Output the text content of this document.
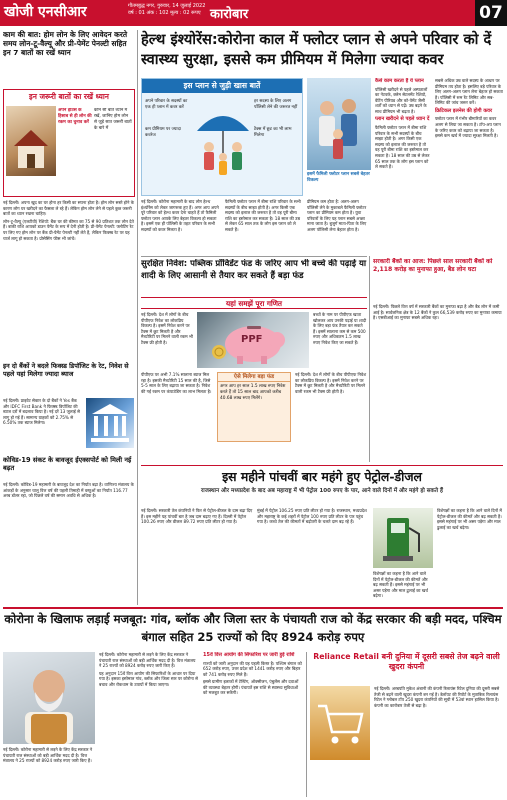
खोजी एनसीआर	गौतमबुद्ध नगर, गुरुवार, 14 जुलाई 2022
वर्ष : 01 अंक : 102 मूल्य : 02 रूपए कारोबार	07
काम की बात: होम लोन के लिए आवेदन करते समय लोन-टू-वैल्यू और प्री-पेमेंट पेनल्टी सहित इन 7 बातों का रखें ध्यान
इन जरूरी बातों का रखें ध्यान
अपने हाउस के हिसाब से ही लोन की रकम का चुनाव करें
कौन सी बातें ध्यान में रखें, जानिए होम लोन से जुड़े सात जरूरी बातों के बारे में
नई दिल्ली। अपना खुद का घर होना हर किसी का सपना होता है। होम लोन सस्ते होने के कारण लोग घर खरीदने का फैसला ले रहे हैं। लेकिन होम लोन लेने से पहले कुछ जरूरी बातों का ध्यान रखना चाहिए।
लोन-टू-वैल्यू (एलटीवी) रेशियो: बैंक घर की कीमत का 75 से 90 प्रतिशत तक लोन देते हैं। बाकी राशि आपको डाउन पेमेंट के रूप में देनी होती है। प्री-पेमेंट पेनल्टी: फ्लोटिंग रेट पर लिए गए होम लोन पर बैंक प्री-पेमेंट पेनल्टी नहीं लेते हैं, लेकिन फिक्स्ड रेट पर यह चार्ज लागू हो सकता है। प्रोसेसिंग फीस भी जांचें।
इन दो बैंकों ने बदले फिक्स्ड डिपॉजिट के रेट, निवेश से पहले यहां मिलेगा ज्यादा ब्याज
नई दिल्ली। प्राइवेट सेक्टर के दो बैंकों ने Yes बैंक और IDFC First Bank ने फिक्स्ड डिपॉजिट की ब्याज दरों में बदलाव किया है। नई दरें 13 जुलाई से लागू हो गई हैं। सामान्य ग्राहकों को 2.75% से 6.50% तक ब्याज मिलेगा।
कोविड-19 संकट के बावजूद ईएक्सपोर्ट को मिली नई बढ़त
नई दिल्ली। कोविड-19 महामारी के बावजूद देश का निर्यात बढ़ा है। वाणिज्य मंत्रालय के आंकड़ों के अनुसार चालू वित्त वर्ष की पहली तिमाही में वस्तुओं का निर्यात 116.77 अरब डॉलर रहा, जो पिछले वर्ष की समान अवधि से अधिक है।
हेल्थ इंश्योरेंस:कोरोना काल में फ्लोटर प्लान से अपने परिवार को दें स्वास्थ्य सुरक्षा, इससे कम प्रीमियम में मिलेगा ज्यादा कवर
इस प्लान से जुड़ी खास बातें
अपने परिवार के सदस्यों का एक ही प्लान में कवर करें
कम प्रीमियम पर ज्यादा कवरेज
हर सदस्य के लिए अलग पॉलिसी लेने की जरूरत नहीं
टैक्स में छूट का भी लाभ मिलेगा
नई दिल्ली। कोरोना महामारी के बाद लोग हेल्थ इंश्योरेंस को लेकर जागरूक हुए हैं। अगर आप अपने पूरे परिवार को हेल्थ कवर देना चाहते हैं तो फैमिली फ्लोटर प्लान आपके लिए बेहतर विकल्प हो सकता है। इसमें एक ही पॉलिसी के तहत परिवार के सभी सदस्यों को कवर मिलता है।
फैमिली फ्लोटर प्लान में बीमा राशि परिवार के सभी सदस्यों के बीच साझा होती है। अगर किसी एक सदस्य को इलाज की जरूरत है तो वह पूरी बीमा राशि का इस्तेमाल कर सकता है। 18 साल की उम्र से लेकर 65 साल तक के लोग इस प्लान को ले सकते हैं।
इसमें फैमिली फ्लोटर प्लान सबसे बेहतर विकल्प
प्रीमियम कम होता है: अलग-अलग पॉलिसी लेने के मुकाबले फैमिली फ्लोटर प्लान का प्रीमियम कम होता है। युवा परिवारों के लिए यह प्लान सबसे अच्छा माना जाता है। बुजुर्ग माता-पिता के लिए अलग पॉलिसी लेना बेहतर होता है।
कैसे काम करता है ये प्लान
पॉलिसी खरीदने से पहले अस्पतालों का नेटवर्क, क्लेम सेटलमेंट रेशियो, वेटिंग पीरियड और को-पेमेंट जैसी शर्तों को ध्यान से पढ़ें। उम्र बढ़ने के साथ प्रीमियम भी बढ़ता है।
प्लान खरीदने से पहले ध्यान दें
फैमिली फ्लोटर प्लान में बीमा राशि परिवार के सभी सदस्यों के बीच साझा होती है। अगर किसी एक सदस्य को इलाज की जरूरत है तो वह पूरी बीमा राशि का इस्तेमाल कर सकता है। 18 साल की उम्र से लेकर 65 साल तक के लोग इस प्लान को ले सकते हैं।
सबसे अधिक उम्र वाले सदस्य के आधार पर प्रीमियम तय होता है। इसलिए बड़े परिवार के लिए अलग-अलग प्लान लेना बेहतर हो सकता है। पॉलिसी में रूम रेंट लिमिट और सब-लिमिट की जांच जरूर करें।
क्रिटिकल इलनेस की होगी कवर
फ्लोटर प्लान में गंभीर बीमारियों का कवर अलग से लिया जा सकता है। टॉप-अप प्लान के जरिए कवर को बढ़ाया जा सकता है। इससे कम खर्च में ज्यादा सुरक्षा मिलती है।
सुरक्षित निवेश: पब्लिक प्रॉविडेंट फंड के जरिए आप भी बच्चे की पढ़ाई या शादी के लिए आसानी से तैयार कर सकते हैं बड़ा फंड
यहां समझें पूरा गणित
नई दिल्ली। देश में लोगों के बीच पीपीएफ निवेश का लोकप्रिय विकल्प है। इसमें निवेश करने पर टैक्स में छूट मिलती है और मैच्योरिटी पर मिलने वाली रकम भी टैक्स फ्री होती है।	PPF
बच्चों के नाम पर पीपीएफ खाता खोलकर आप उनकी पढ़ाई या शादी के लिए बड़ा फंड तैयार कर सकते हैं। इसमें सालाना कम से कम 500 रुपए और अधिकतम 1.5 लाख रुपए निवेश किए जा सकते हैं।
पीपीएफ पर अभी 7.1% सालाना ब्याज मिल रहा है। इसकी मैच्योरिटी 15 साल की है, जिसे 5-5 साल के लिए बढ़ाया जा सकता है। निवेश की गई रकम पर कंपाउंडिंग का लाभ मिलता है।
ऐसे मिलेगा बड़ा फंड
अगर आप हर साल 1.5 लाख रुपए निवेश करते हैं तो 15 साल बाद आपको करीब 40.68 लाख रुपए मिलेंगे।
नई दिल्ली। देश में लोगों के बीच पीपीएफ निवेश का लोकप्रिय विकल्प है। इसमें निवेश करने पर टैक्स में छूट मिलती है और मैच्योरिटी पर मिलने वाली रकम भी टैक्स फ्री होती है।
सरकारी बैंकों का आज: पिछले साल सरकारी बैंकों को 2,118 करोड़ का मुनाफा हुआ, बैड लोन घटा
नई दिल्ली। पिछले वित्त वर्ष में सरकारी बैंकों का मुनाफा बढ़ा है और बैड लोन में कमी आई है। सार्वजनिक क्षेत्र के 12 बैंकों ने कुल 66,539 करोड़ रुपए का मुनाफा कमाया है। एसबीआई का मुनाफा सबसे अधिक रहा।
इस महीने पांचवीं बार महंगे हुए पेट्रोल-डीजल
राजस्थान और मध्यप्रदेश के बाद अब महाराष्ट्र में भी पेट्रोल 100 रुपए के पार, आने वाले दिनों में और महंगे हो सकते हैं
नई दिल्ली। सरकारी तेल कंपनियों ने फिर से पेट्रोल-डीजल के दाम बढ़ा दिए हैं। इस महीने यह पांचवीं बार है जब दाम बढ़ाए गए हैं। दिल्ली में पेट्रोल 100.26 रुपए और डीजल 89.72 रुपए प्रति लीटर हो गया है।
मुंबई में पेट्रोल 106.25 रुपए प्रति लीटर हो गया है। राजस्थान, मध्यप्रदेश और महाराष्ट्र के कई शहरों में पेट्रोल 100 रुपए प्रति लीटर के पार पहुंच गया है। कच्चे तेल की कीमतों में बढ़ोतरी के चलते दाम बढ़ रहे हैं।
विशेषज्ञों का कहना है कि आने वाले दिनों में पेट्रोल-डीजल की कीमतें और बढ़ सकती हैं। इससे महंगाई पर भी असर पड़ेगा और माल ढुलाई का खर्च बढ़ेगा।
विशेषज्ञों का कहना है कि आने वाले दिनों में पेट्रोल-डीजल की कीमतें और बढ़ सकती हैं। इससे महंगाई पर भी असर पड़ेगा और माल ढुलाई का खर्च बढ़ेगा।
कोरोना के खिलाफ लड़ाई मजबूत: गांव, ब्लॉक और जिला स्तर के पंचायती राज को केंद्र सरकार की बड़ी मदद, पश्चिम बंगाल सहित 25 राज्यों को दिए 8924 करोड़ रुपए
नई दिल्ली। कोरोना महामारी से लड़ने के लिए केंद्र सरकार ने पंचायती राज संस्थाओं को बड़ी आर्थिक मदद दी है। वित्त मंत्रालय ने 25 राज्यों को 8924 करोड़ रुपए जारी किए हैं।
नई दिल्ली। कोरोना महामारी से लड़ने के लिए केंद्र सरकार ने पंचायती राज संस्थाओं को बड़ी आर्थिक मदद दी है। वित्त मंत्रालय ने 25 राज्यों को 8924 करोड़ रुपए जारी किए हैं।
यह अनुदान 15वें वित्त आयोग की सिफारिशों के आधार पर दिया गया है। इसका इस्तेमाल गांव, ब्लॉक और जिला स्तर पर कोरोना से बचाव और रोकथाम के उपायों में किया जाएगा।
15वें वित्त आयोग की सिफारिश पर जारी हुई राशि
राज्यों को जारी अनुदान की यह पहली किस्त है। पश्चिम बंगाल को 652 करोड़ रुपए, उत्तर प्रदेश को 1441 करोड़ रुपए और बिहार को 741 करोड़ रुपए मिले हैं।
इससे ग्रामीण इलाकों में टेस्टिंग, ऑक्सीजन, एंबुलेंस और दवाओं की व्यवस्था बेहतर होगी। पंचायतें इस राशि से स्वास्थ्य सुविधाओं को मजबूत कर सकेंगी।
Reliance Retail बनी दुनिया में दूसरी सबसे तेज बढ़ने वाली खुदरा कंपनी
नई दिल्ली। अरबपति मुकेश अंबानी की कंपनी रिलायंस रिटेल दुनिया की दूसरी सबसे तेजी से बढ़ने वाली खुदरा कंपनी बन गई है। डेलॉयट की रिपोर्ट के मुताबिक रिलायंस रिटेल ने ग्लोबल टॉप 250 खुदरा कंपनियों की सूची में 53वां स्थान हासिल किया है। कंपनी का कारोबार तेजी से बढ़ा है।
